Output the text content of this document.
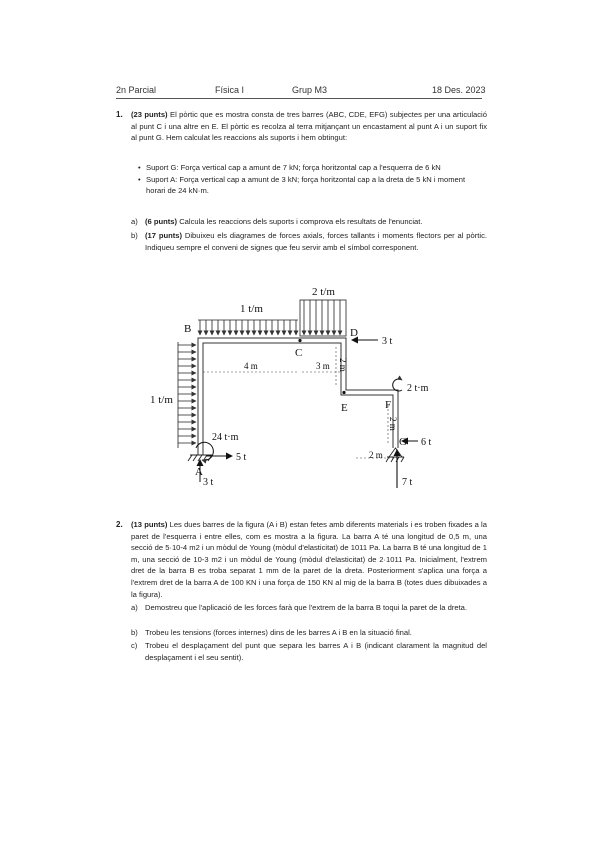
2n Parcial	Física I	Grup M3	18 Des. 2023
1. (23 punts) El pòrtic que es mostra consta de tres barres (ABC, CDE, EFG) subjectes per una articulació al punt C i una altre en E. El pòrtic es recolza al terra mitjançant un encastament al punt A i un suport fix al punt G. Hem calculat les reaccions als suports i hem obtingut:

• Suport G: Força vertical cap a amunt de 7 kN; força horitzontal cap a l'esquerra de 6 kN
• Suport A: Força vertical cap a amunt de 3 kN; força horitzontal cap a la dreta de 5 kN i moment horari de 24 kN·m.
a) (6 punts) Calcula les reaccions dels suports i comprova els resultats de l'enunciat.

b) (17 punts) Dibuixeu els diagrames de forces axials, forces tallants i moments flectors per al pòrtic. Indiqueu sempre el conveni de signes que feu servir amb el símbol corresponent.

1 t/m
2 t/m
1 t/m
B
C
D
E	F
G
A
3 t
2 t·m
6 t
24 t·m
5 t
3 t	7 t
4 m	3 m 2 m
2 m
2 m
2. (13 punts) Les dues barres de la figura (A i B) estan fetes amb diferents materials i es troben fixades a la paret de l'esquerra i entre elles, com es mostra a la figura. La barra A té una longitud de 0,5 m, una secció de 5·10-4 m2 i un mòdul de Young (mòdul d'elasticitat) de 1011 Pa. La barra B té una longitud de 1 m, una secció de 10-3 m2 i un mòdul de Young (mòdul d'elasticitat) de 2·1011 Pa. Inicialment, l'extrem dret de la barra B es troba separat 1 mm de la paret de la dreta. Posteriorment s'aplica una força a l'extrem dret de la barra A de 100 KN i una força de 150 KN al mig de la barra B (totes dues dibuixades a la figura).

a) Demostreu que l'aplicació de les forces farà que l'extrem de la barra B toqui la paret de la dreta.

b) Trobeu les tensions (forces internes) dins de les barres A i B en la situació final.

c) Trobeu el desplaçament del punt que separa les barres A i B (indicant clarament la magnitud del desplaçament i el seu sentit).
